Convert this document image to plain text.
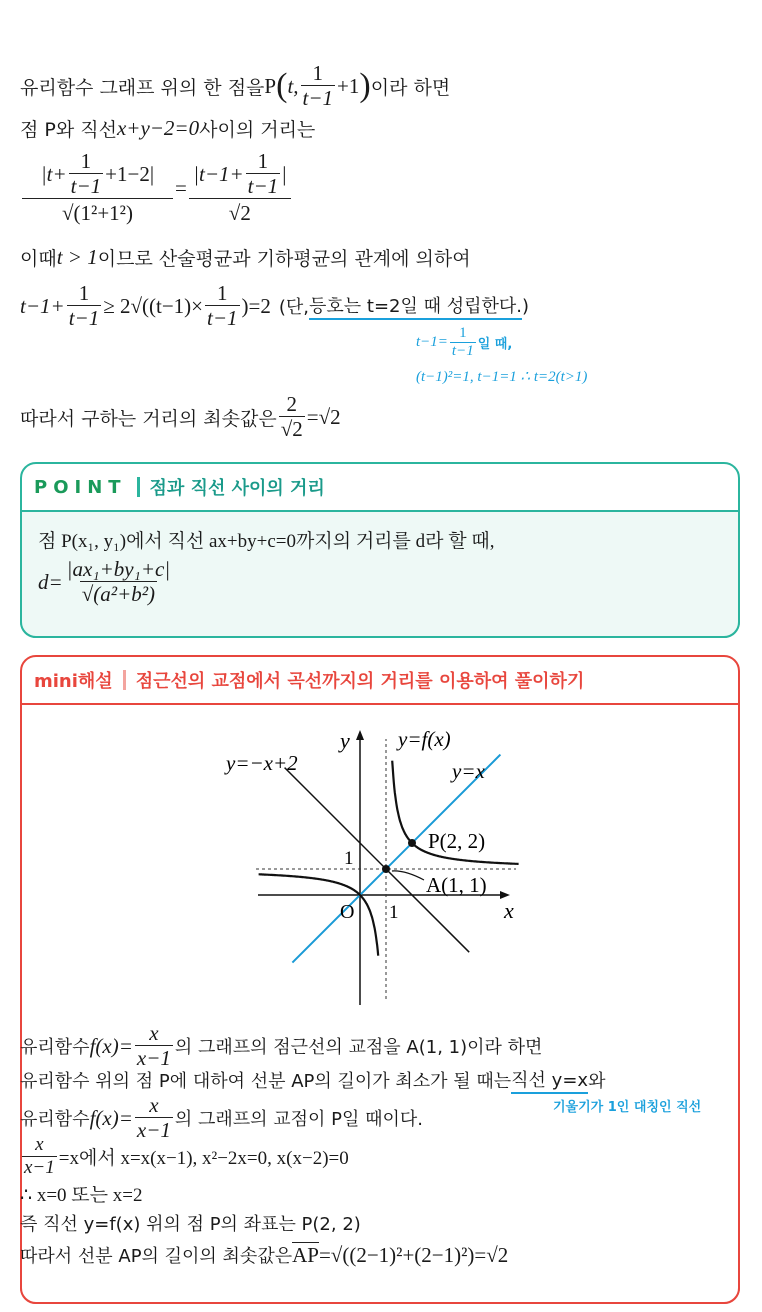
유리함수 그래프 위의 한 점을 P ( t, $\frac{1}{t-1} +1$ ) 이라 하면
점 P와 직선 x+y−2=0 사이의 거리는
$\frac{|t+ \frac{1}{t-1} +1-2|}{\text{√(1²+1²)}} = \frac{|t-1+ \frac{1}{t-1} |}{√2}$
이때 t > 1 이므로 산술평균과 기하평균의 관계에 의하여
$t-1+ \frac{1}{t-1} \ge 2√((t-1)\times \frac{1}{t-1} )=2$ (단, 등호는 t=2일 때 성립한다. )
$t-1= \frac{1}{t-1}$ 일 때,
(t−1)²=1, t−1=1 ∴ t=2(t>1)
따라서 구하는 거리의 최솟값은 $\frac{2}{√2} =√2$
POINT 점과 직선 사이의 거리
점 P(x₁, y₁)에서 직선 ax+by+c=0까지의 거리를 d라 할 때,
$d= \frac{\text{|ax₁+by₁+c|}}{\text{√(a²+b²)}}$
mini해설 점근선의 교점에서 곡선까지의 거리를 이용하여 풀이하기
y
x
O 1
1
y=f(x)
y=x
y=−x+2
P(2, 2)
A(1, 1)
유리함수 $f(x)= \frac{x}{x-1}$ 의 그래프의 점근선의 교점을 A(1, 1)이라 하면
유리함수 위의 점 P에 대하여 선분 AP의 길이가 최소가 될 때는 직선 y=x 와
기울기가 1인 대칭인 직선
유리함수 $f(x)= \frac{x}{x-1}$ 의 그래프의 교점이 P일 때이다.
$\frac{x}{x-1} =x$에서 x=x(x−1), x²−2x=0, x(x−2)=0
∴ x=0 또는 x=2
즉 직선 y=f(x) 위의 점 P의 좌표는 P(2, 2)
따라서 선분 AP의 길이의 최솟값은 AP =√((2−1)²+(2−1)²)=√2
